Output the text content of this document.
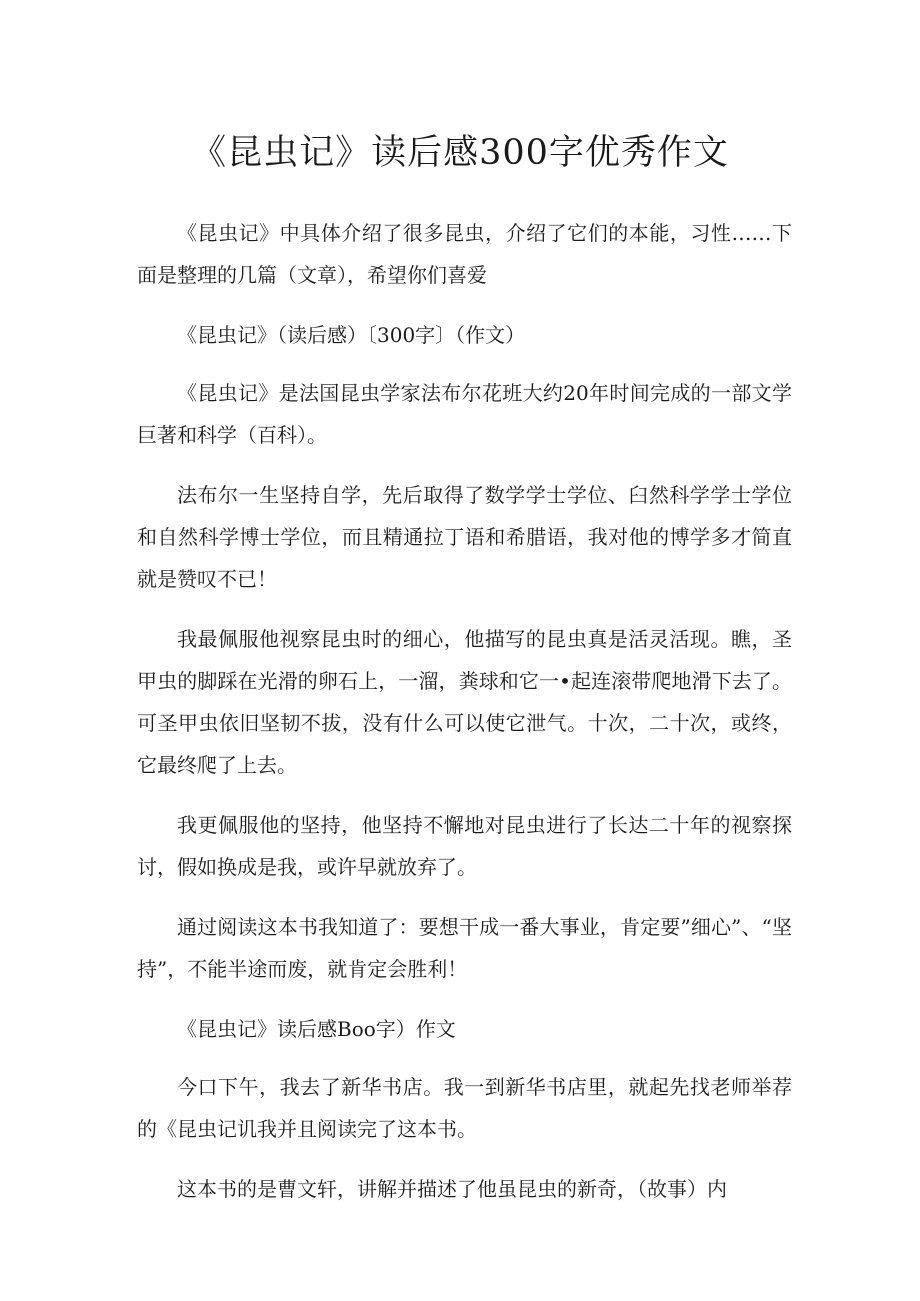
《昆虫记》读后感300字优秀作文

《昆虫记》中具体介绍了很多昆虫，介绍了它们的本能，习性……下面是整理的几篇（文章），希望你们喜爱

《昆虫记》（读后感）〔300字〕（作文）

《昆虫记》是法国昆虫学家法布尔花班大约20年时间完成的一部文学巨著和科学（百科）。

法布尔一生坚持自学，先后取得了数学学士学位、臼然科学学士学位和自然科学博士学位，而且精通拉丁语和希腊语，我对他的博学多才简直就是赞叹不已！

我最佩服他视察昆虫时的细心，他描写的昆虫真是活灵活现。瞧，圣甲虫的脚踩在光滑的卵石上，一溜，粪球和它一•起连滚带爬地滑下去了。可圣甲虫依旧坚韧不拔，没有什么可以使它泄气。十次，二十次，或终，它最终爬了上去。

我更佩服他的坚持，他坚持不懈地对昆虫进行了长达二十年的视察探讨，假如换成是我，或许早就放弃了。

通过阅读这本书我知道了：要想干成一番大事业，肯定要”细心”、“坚持”，不能半途而废，就肯定会胜利！

《昆虫记》读后感Boo字）作文

今口下午，我去了新华书店。我一到新华书店里，就起先找老师举荐的《昆虫记讥我并且阅读完了这本书。

这本书的是曹文轩，讲解并描述了他虽昆虫的新奇，（故事）内
